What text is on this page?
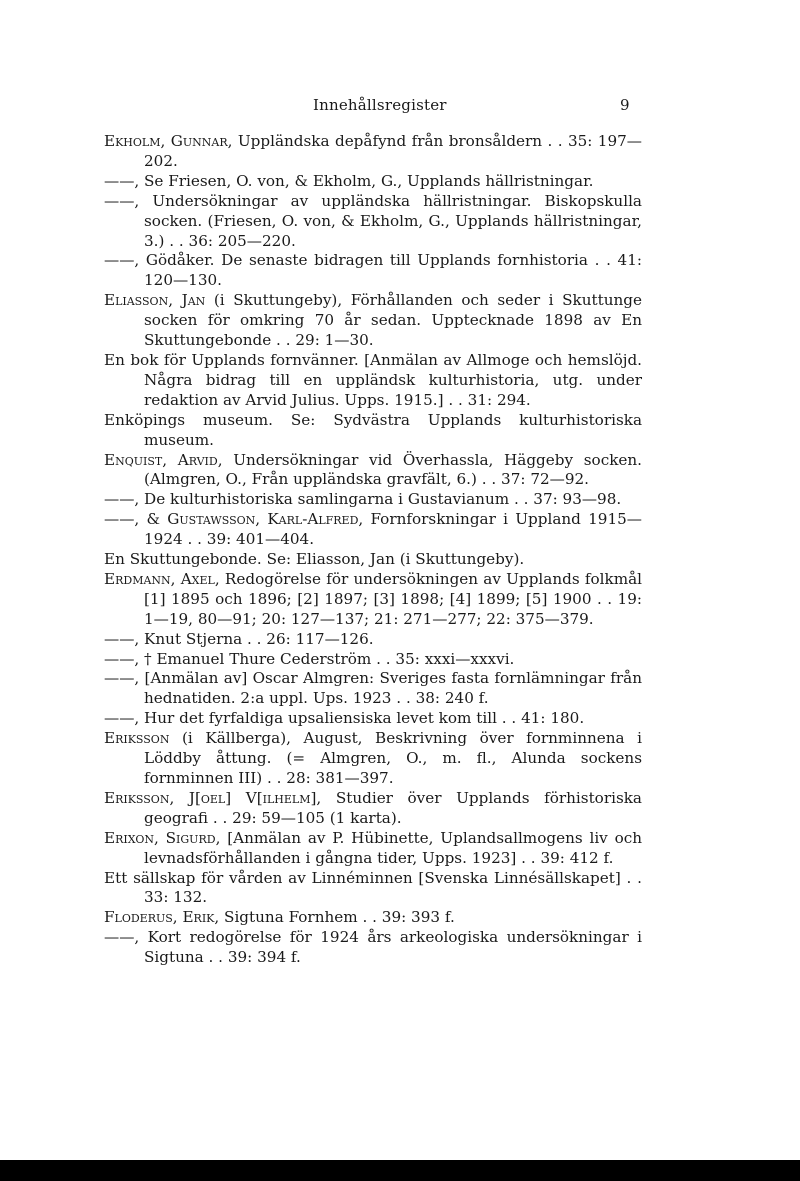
Innehållsregister	9

Ekholm, Gunnar, Uppländska depåfynd från bronsåldern . . 35: 197—202.

——, Se Friesen, O. von, & Ekholm, G., Upplands hällristningar.

——, Undersökningar av uppländska hällristningar. Biskopskulla socken. (Friesen, O. von, & Ekholm, G., Upplands hällristningar, 3.) . . 36: 205—220.

——, Gödåker. De senaste bidragen till Upplands fornhistoria . . 41: 120—130.

Eliasson, Jan (i Skuttungeby), Förhållanden och seder i Skuttunge socken för omkring 70 år sedan. Upptecknade 1898 av En Skuttungebonde . . 29: 1—30.

En bok för Upplands fornvänner. [Anmälan av Allmoge och hemslöjd. Några bidrag till en uppländsk kulturhistoria, utg. under redaktion av Arvid Julius. Upps. 1915.] . . 31: 294.

Enköpings museum. Se: Sydvästra Upplands kulturhistoriska museum.

Enquist, Arvid, Undersökningar vid Överhassla, Häggeby socken. (Almgren, O., Från uppländska gravfält, 6.) . . 37: 72—92.

——, De kulturhistoriska samlingarna i Gustavianum . . 37: 93—98.

——, & Gustawsson, Karl-Alfred, Fornforskningar i Uppland 1915—1924 . . 39: 401—404.

En Skuttungebonde. Se: Eliasson, Jan (i Skuttungeby).

Erdmann, Axel, Redogörelse för undersökningen av Upplands folkmål [1] 1895 och 1896; [2] 1897; [3] 1898; [4] 1899; [5] 1900 . . 19: 1—19, 80—91; 20: 127—137; 21: 271—277; 22: 375—379.

——, Knut Stjerna . . 26: 117—126.

——, † Emanuel Thure Cederström . . 35: xxxi—xxxvi.

——, [Anmälan av] Oscar Almgren: Sveriges fasta fornlämningar från hednatiden. 2:a uppl. Ups. 1923 . . 38: 240 f.

——, Hur det fyrfaldiga upsaliensiska levet kom till . . 41: 180.

Eriksson (i Källberga), August, Beskrivning över fornminnena i Löddby åttung. (= Almgren, O., m. fl., Alunda sockens fornminnen III) . . 28: 381—397.

Eriksson, J[oel] V[ilhelm], Studier över Upplands förhistoriska geografi . . 29: 59—105 (1 karta).

Erixon, Sigurd, [Anmälan av P. Hübinette, Uplandsallmogens liv och levnadsförhållanden i gångna tider, Upps. 1923] . . 39: 412 f.

Ett sällskap för vården av Linnéminnen [Svenska Linnésällskapet] . . 33: 132.

Floderus, Erik, Sigtuna Fornhem . . 39: 393 f.

——, Kort redogörelse för 1924 års arkeologiska undersökningar i Sigtuna . . 39: 394 f.
